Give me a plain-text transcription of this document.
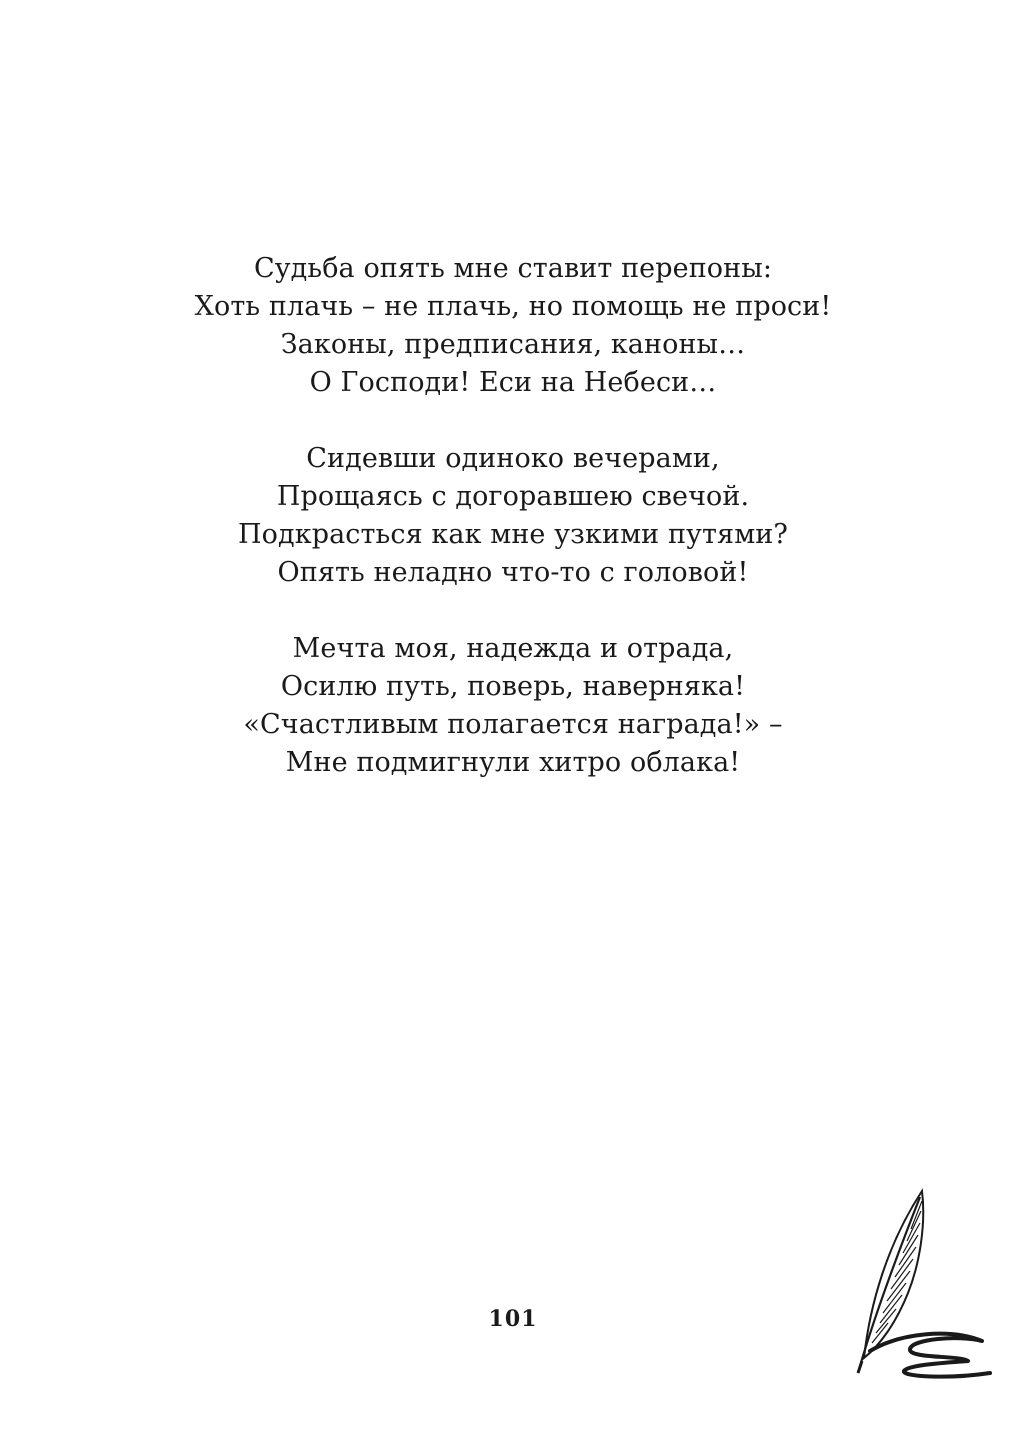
Судьба опять мне ставит перепоны:
Хоть плачь – не плачь, но помощь не проси!
Законы, предписания, каноны…
О Господи! Еси на Небеси…
Сидевши одиноко вечерами,
Прощаясь с догоравшею свечой.
Подкрасться как мне узкими путями?
Опять неладно что-то с головой!
Мечта моя, надежда и отрада,
Осилю путь, поверь, наверняка!
«Счастливым полагается награда!» –
Мне подмигнули хитро облака!
101
